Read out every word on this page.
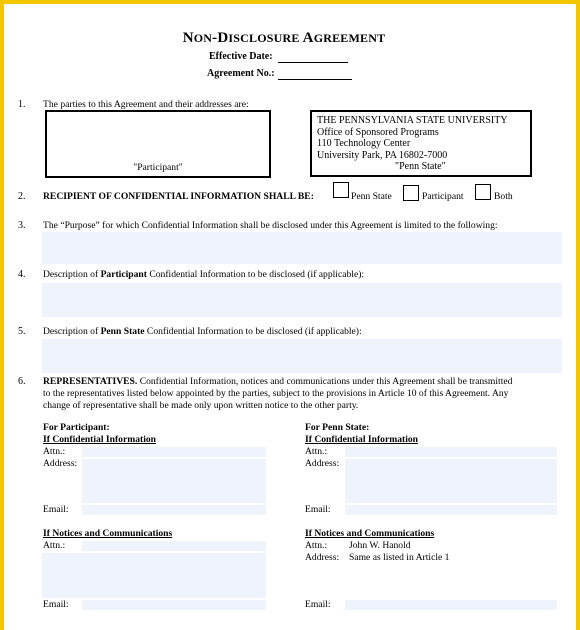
NON-DISCLOSURE AGREEMENT
Effective Date:
Agreement No.:
1. The parties to this Agreement and their addresses are:
"Participant"
THE PENNSYLVANIA STATE UNIVERSITY
Office of Sponsored Programs
110 Technology Center
University Park, PA 16802-7000
"Penn State"
2. RECIPIENT OF CONFIDENTIAL INFORMATION SHALL BE:	Penn State	Participant	Both
3. The “Purpose” for which Confidential Information shall be disclosed under this Agreement is limited to the following:
4. Description of Participant Confidential Information to be disclosed (if applicable):
5. Description of Penn State Confidential Information to be disclosed (if applicable):
6. REPRESENTATIVES. Confidential Information, notices and communications under this Agreement shall be transmitted
to the representatives listed below appointed by the parties, subject to the provisions in Article 10 of this Agreement. Any
change of representative shall be made only upon written notice to the other party.
For Participant:
If Confidential Information
Attn.:
Address:
Email:
If Notices and Communications
Attn.:
Email:
For Penn State:
If Confidential Information
Attn.:
Address:
Email:
If Notices and Communications
Attn.: John W. Hanold
Address: Same as listed in Article 1
Email:
